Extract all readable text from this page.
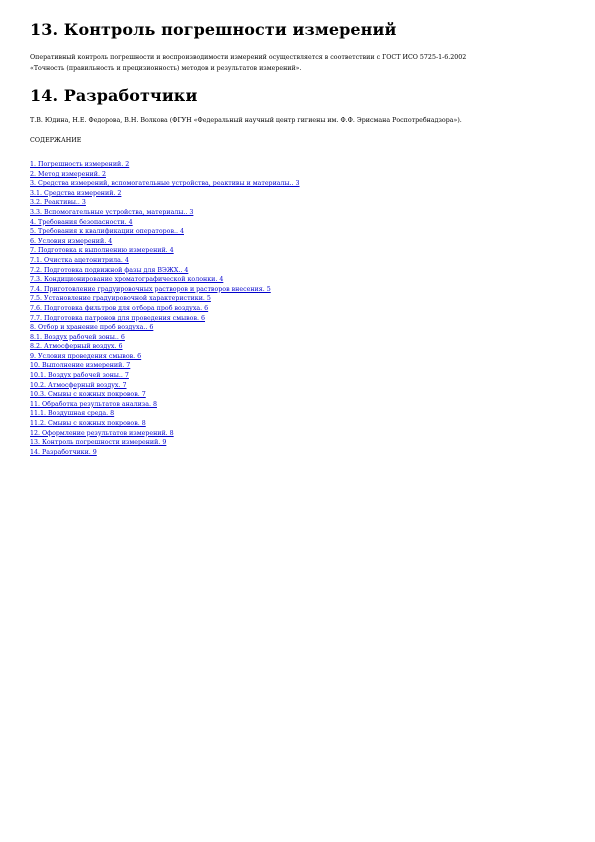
13. Контроль погрешности измерений

Оперативный контроль погрешности и воспроизводимости измерений осуществляется в соответствии с ГОСТ ИСО 5725-1-6.2002

«Точность (правильность и прецизионность) методов и результатов измерений».

14. Разработчики

Т.В. Юдина, Н.Е. Федорова, В.Н. Волкова (ФГУН «Федеральный научный центр гигиены им. Ф.Ф. Эрисмана Роспотребнадзора»).

СОДЕРЖАНИЕ

1. Погрешность измерений. 2
2. Метод измерений. 2
3. Средства измерений, вспомогательные устройства, реактивы и материалы.. 3
3.1. Средства измерений. 2
3.2. Реактивы.. 3
3.3. Вспомогательные устройства, материалы.. 3
4. Требования безопасности. 4
5. Требования к квалификации операторов.. 4
6. Условия измерений. 4
7. Подготовка к выполнению измерений. 4
7.1. Очистка ацетонитрила. 4
7.2. Подготовка подвижной фазы для ВЭЖХ.. 4
7.3. Кондиционирование хроматографической колонки. 4
7.4. Приготовление градуировочных растворов и растворов внесения. 5
7.5. Установление градуировочной характеристики. 5
7.6. Подготовка фильтров для отбора проб воздуха. 6
7.7. Подготовка патронов для проведения смывов. 6
8. Отбор и хранение проб воздуха.. 6
8.1. Воздух рабочей зоны.. 6
8.2. Атмосферный воздух. 6
9. Условия проведения смывов. 6
10. Выполнение измерений. 7
10.1. Воздух рабочей зоны.. 7
10.2. Атмосферный воздух. 7
10.3. Смывы с кожных покровов. 7
11. Обработка результатов анализа. 8
11.1. Воздушная среда. 8
11.2. Смывы с кожных покровов. 8
12. Оформление результатов измерений. 8
13. Контроль погрешности измерений. 9
14. Разработчики. 9
